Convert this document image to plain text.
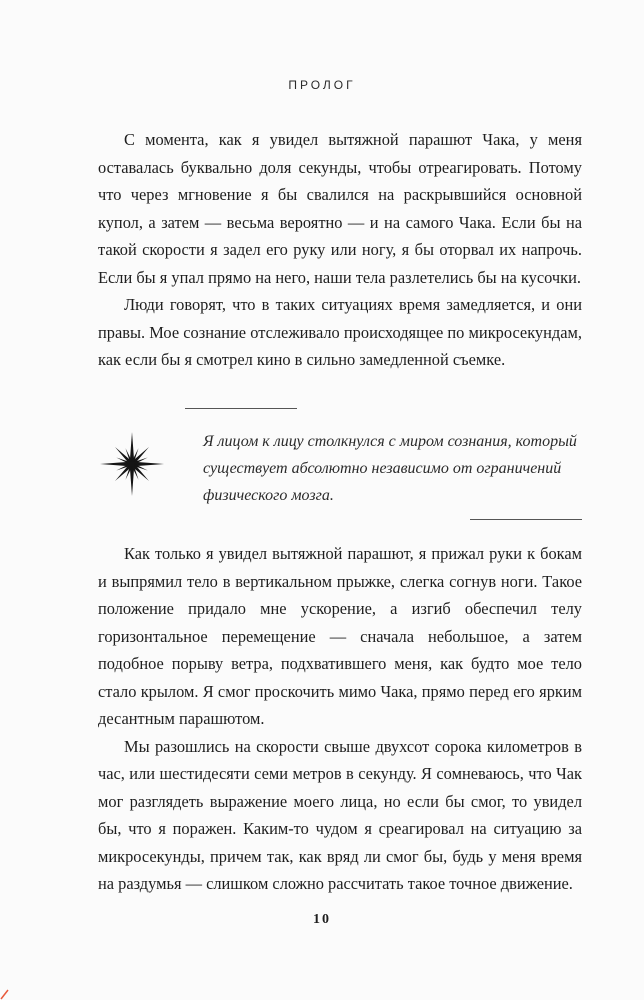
ПРОЛОГ

С момента, как я увидел вытяжной парашют Чака, у меня оставалась буквально доля секунды, чтобы отреагировать. Потому что через мгновение я бы свалился на раскрывшийся основной купол, а затем — весьма вероятно — и на самого Чака. Если бы на такой скорости я задел его руку или ногу, я бы оторвал их напрочь. Если бы я упал прямо на него, наши тела разлетелись бы на кусочки.

Люди говорят, что в таких ситуациях время замедляется, и они правы. Мое сознание отслеживало происходящее по микросекундам, как если бы я смотрел кино в сильно замедленной съемке.

Я лицом к лицу столкнулся с миром сознания, который существует абсолютно независимо от ограничений физического мозга.

Как только я увидел вытяжной парашют, я прижал руки к бокам и выпрямил тело в вертикальном прыжке, слегка согнув ноги. Такое положение придало мне ускорение, а изгиб обеспечил телу горизонтальное перемещение — сначала небольшое, а затем подобное порыву ветра, подхватившего меня, как будто мое тело стало крылом. Я смог проскочить мимо Чака, прямо перед его ярким десантным парашютом.

Мы разошлись на скорости свыше двухсот сорока километров в час, или шестидесяти семи метров в секунду. Я сомневаюсь, что Чак мог разглядеть выражение моего лица, но если бы смог, то увидел бы, что я поражен. Каким-то чудом я среагировал на ситуацию за микросекунды, причем так, как вряд ли смог бы, будь у меня время на раздумья — слишком сложно рассчитать такое точное движение.

10
